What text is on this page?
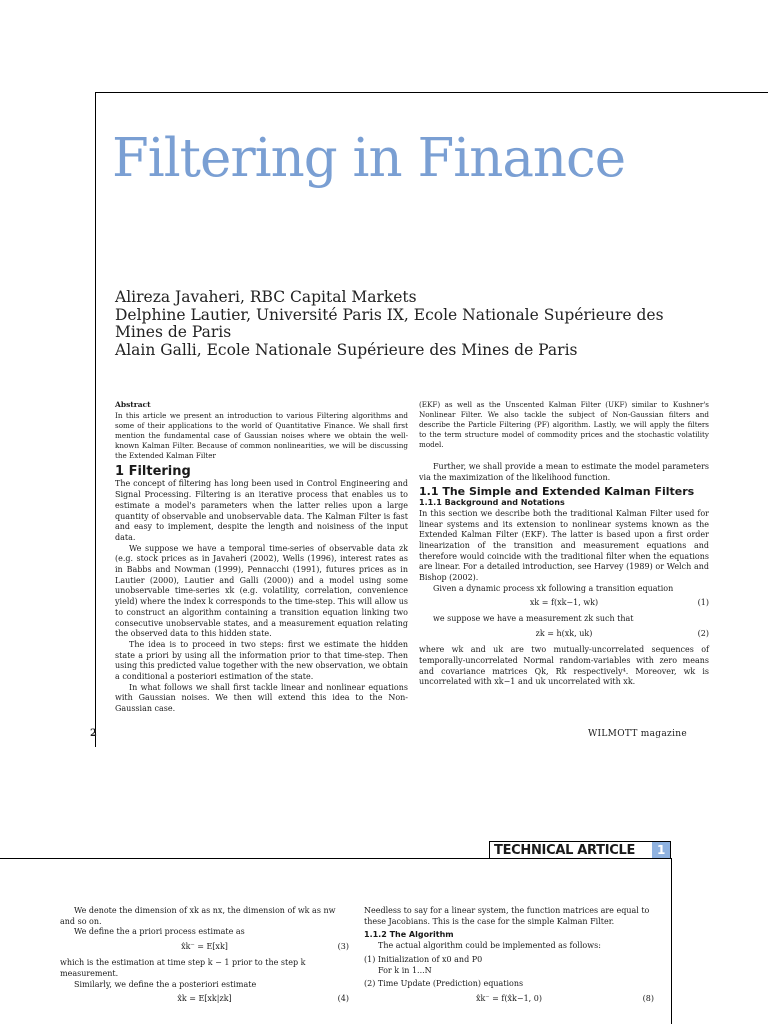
Filtering in Finance
Alireza Javaheri, RBC Capital Markets
Delphine Lautier, Université Paris IX, Ecole Nationale Supérieure des Mines de Paris
Alain Galli, Ecole Nationale Supérieure des Mines de Paris
Abstract

In this article we present an introduction to various Filtering algorithms and some of their applications to the world of Quantitative Finance. We shall first mention the fundamental case of Gaussian noises where we obtain the well-known Kalman Filter. Because of common nonlinearities, we will be discussing the Extended Kalman Filter

1 Filtering

The concept of filtering has long been used in Control Engineering and Signal Processing. Filtering is an iterative process that enables us to estimate a model's parameters when the latter relies upon a large quantity of observable and unobservable data. The Kalman Filter is fast and easy to implement, despite the length and noisiness of the input data.

We suppose we have a temporal time-series of observable data zk (e.g. stock prices as in Javaheri (2002), Wells (1996), interest rates as in Babbs and Nowman (1999), Pennacchi (1991), futures prices as in Lautier (2000), Lautier and Galli (2000)) and a model using some unobservable time-series xk (e.g. volatility, correlation, convenience yield) where the index k corresponds to the time-step. This will allow us to construct an algorithm containing a transition equation linking two consecutive unobservable states, and a measurement equation relating the observed data to this hidden state.

The idea is to proceed in two steps: first we estimate the hidden state a priori by using all the information prior to that time-step. Then using this predicted value together with the new observation, we obtain a conditional a posteriori estimation of the state.

In what follows we shall first tackle linear and nonlinear equations with Gaussian noises. We then will extend this idea to the Non-Gaussian case.

(EKF) as well as the Unscented Kalman Filter (UKF) similar to Kushner's Nonlinear Filter. We also tackle the subject of Non-Gaussian filters and describe the Particle Filtering (PF) algorithm. Lastly, we will apply the filters to the term structure model of commodity prices and the stochastic volatility model.

Further, we shall provide a mean to estimate the model parameters via the maximization of the likelihood function.

1.1 The Simple and Extended Kalman Filters
1.1.1 Background and Notations

In this section we describe both the traditional Kalman Filter used for linear systems and its extension to nonlinear systems known as the Extended Kalman Filter (EKF). The latter is based upon a first order linearization of the transition and measurement equations and therefore would coincide with the traditional filter when the equations are linear. For a detailed introduction, see Harvey (1989) or Welch and Bishop (2002).

Given a dynamic process xk following a transition equation

xk = f(xk−1, wk)	(1)

we suppose we have a measurement zk such that

zk = h(xk, uk)	(2)

where wk and uk are two mutually-uncorrelated sequences of temporally-uncorrelated Normal random-variables with zero means and covariance matrices Qk, Rk respectively⁴. Moreover, wk is uncorrelated with xk−1 and uk uncorrelated with xk.

2	WILMOTT magazine
TECHNICAL ARTICLE	1

We denote the dimension of xk as nx, the dimension of wk as nw and so on.

We define the a priori process estimate as

x̂k⁻ = E[xk]	(3)

which is the estimation at time step k − 1 prior to the step k measurement.

Similarly, we define the a posteriori estimate

x̂k = E[xk|zk]	(4)

Needless to say for a linear system, the function matrices are equal to these Jacobians. This is the case for the simple Kalman Filter.

1.1.2 The Algorithm

The actual algorithm could be implemented as follows:

(1) Initialization of x0 and P0

For k in 1...N

(2) Time Update (Prediction) equations

x̂k⁻ = f(x̂k−1, 0)	(8)
